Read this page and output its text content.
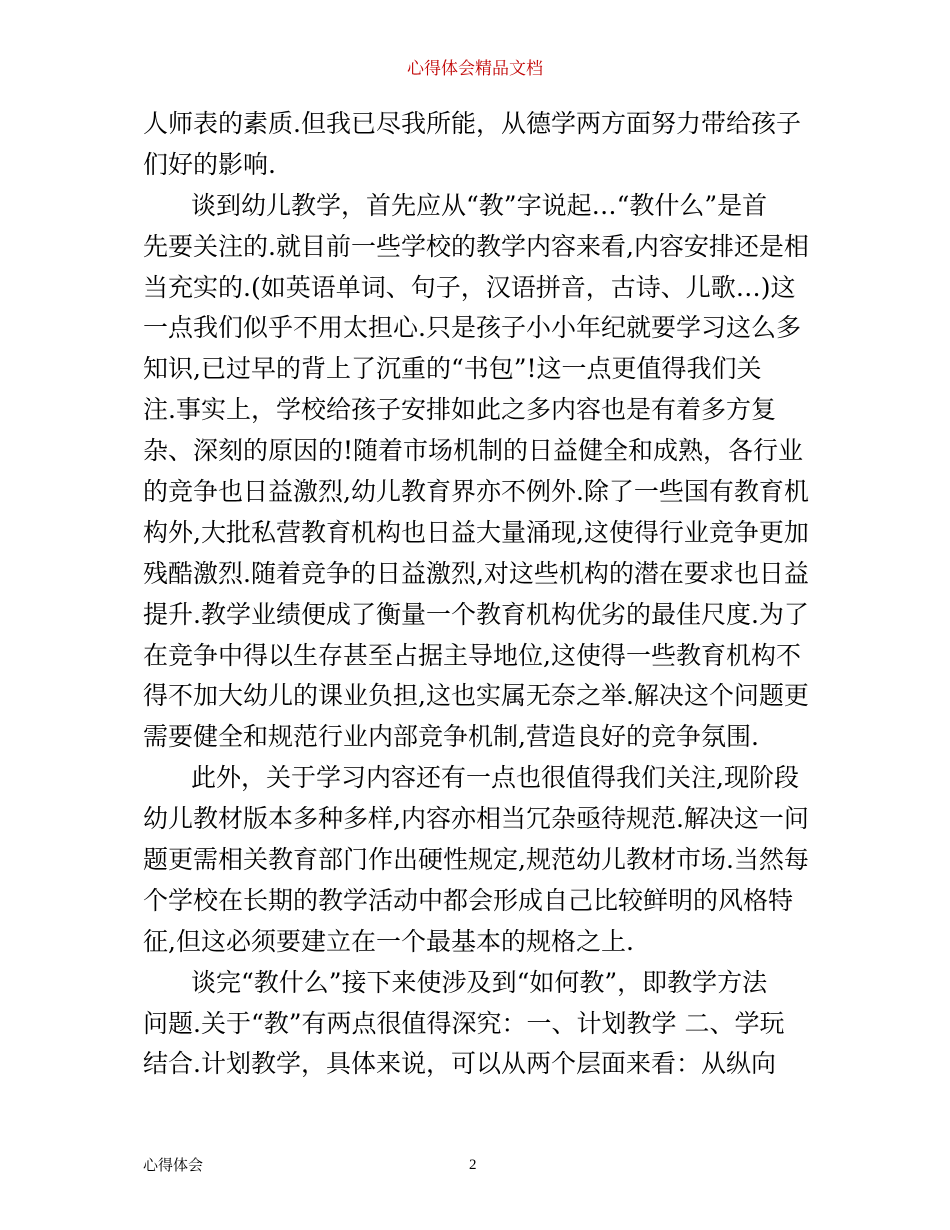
心得体会精品文档
人师表的素质.但我已尽我所能，从德学两方面努力带给孩子
们好的影响.
谈到幼儿教学，首先应从“教”字说起…“教什么”是首
先要关注的.就目前一些学校的教学内容来看,内容安排还是相
当充实的.(如英语单词、句子，汉语拼音，古诗、儿歌…)这
一点我们似乎不用太担心.只是孩子小小年纪就要学习这么多
知识,已过早的背上了沉重的“书包”!这一点更值得我们关
注.事实上，学校给孩子安排如此之多内容也是有着多方复
杂、深刻的原因的!随着市场机制的日益健全和成熟，各行业
的竞争也日益激烈,幼儿教育界亦不例外.除了一些国有教育机
构外,大批私营教育机构也日益大量涌现,这使得行业竞争更加
残酷激烈.随着竞争的日益激烈,对这些机构的潜在要求也日益
提升.教学业绩便成了衡量一个教育机构优劣的最佳尺度.为了
在竞争中得以生存甚至占据主导地位,这使得一些教育机构不
得不加大幼儿的课业负担,这也实属无奈之举.解决这个问题更
需要健全和规范行业内部竞争机制,营造良好的竞争氛围.
此外，关于学习内容还有一点也很值得我们关注,现阶段
幼儿教材版本多种多样,内容亦相当冗杂亟待规范.解决这一问
题更需相关教育部门作出硬性规定,规范幼儿教材市场.当然每
个学校在长期的教学活动中都会形成自己比较鲜明的风格特
征,但这必须要建立在一个最基本的规格之上.
谈完“教什么”接下来使涉及到“如何教”，即教学方法
问题.关于“教”有两点很值得深究：一、计划教学 二、学玩
结合.计划教学，具体来说，可以从两个层面来看：从纵向
心得体会	2
